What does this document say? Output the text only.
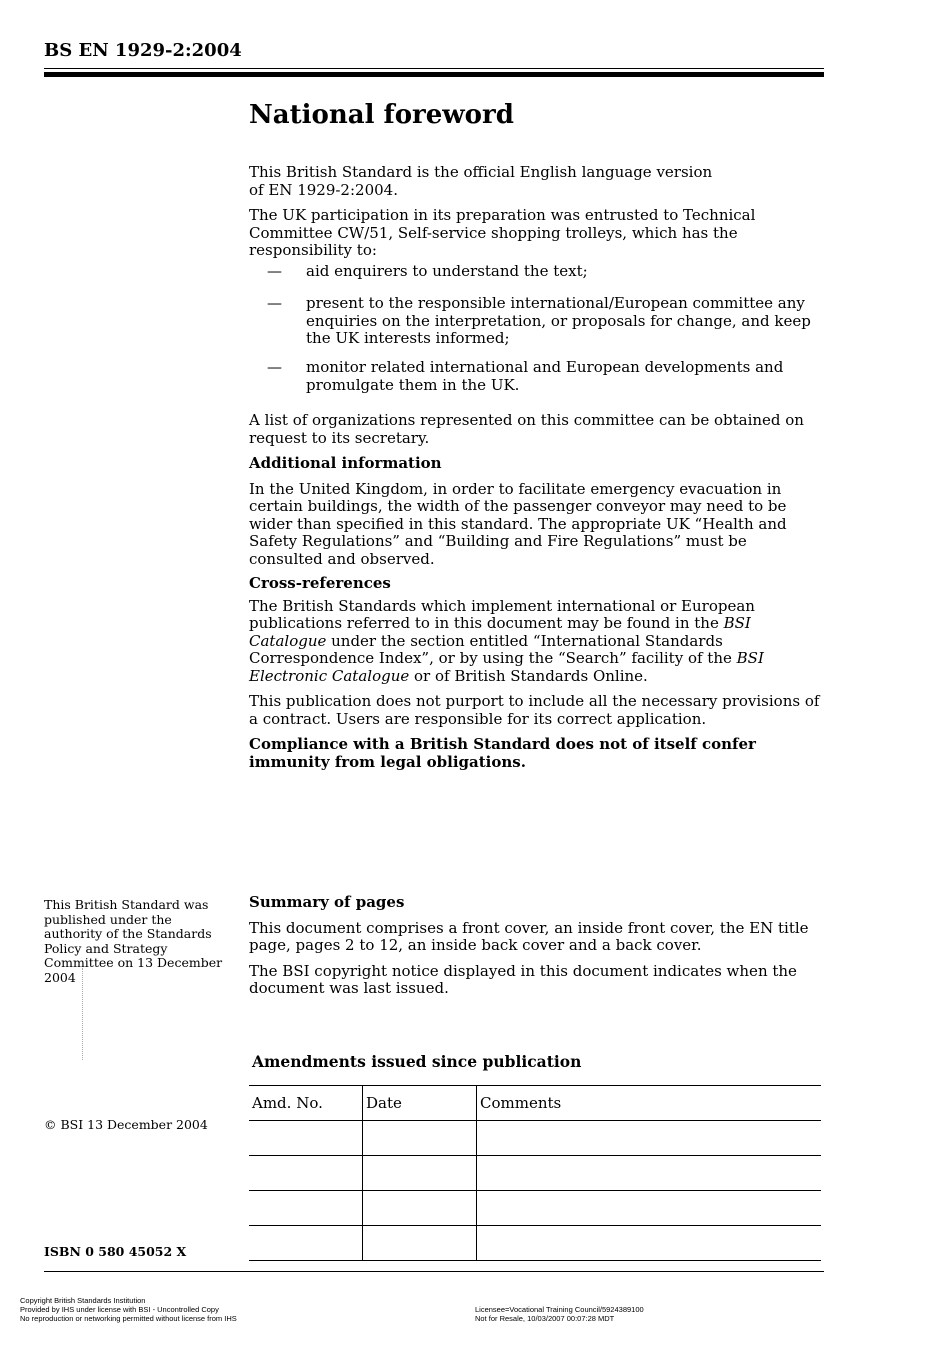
BS EN 1929-2:2004
National foreword

This British Standard is the official English language version of EN 1929-2:2004.

The UK participation in its preparation was entrusted to Technical Committee CW/51, Self-service shopping trolleys, which has the responsibility to:

— aid enquirers to understand the text;
— present to the responsible international/European committee any enquiries on the interpretation, or proposals for change, and keep the UK interests informed;
— monitor related international and European developments and promulgate them in the UK.

A list of organizations represented on this committee can be obtained on request to its secretary.

Additional information

In the United Kingdom, in order to facilitate emergency evacuation in certain buildings, the width of the passenger conveyor may need to be wider than specified in this standard. The appropriate UK “Health and Safety Regulations” and “Building and Fire Regulations” must be consulted and observed.

Cross-references

The British Standards which implement international or European publications referred to in this document may be found in the BSI Catalogue under the section entitled “International Standards Correspondence Index”, or by using the “Search” facility of the BSI Electronic Catalogue or of British Standards Online.

This publication does not purport to include all the necessary provisions of a contract. Users are responsible for its correct application.

Compliance with a British Standard does not of itself confer immunity from legal obligations.

This British Standard was published under the authority of the Standards Policy and Strategy Committee on 13 December 2004
© BSI 13 December 2004
ISBN 0 580 45052 X

Summary of pages

This document comprises a front cover, an inside front cover, the EN title page, pages 2 to 12, an inside back cover and a back cover.

The BSI copyright notice displayed in this document indicates when the document was last issued.

Amendments issued since publication
Amd. No.	Date	Comments

Copyright British Standards Institution
Provided by IHS under license with BSI - Uncontrolled Copy
No reproduction or networking permitted without license from IHS
Licensee=Vocational Training Council/5924389100
Not for Resale, 10/03/2007 00:07:28 MDT
